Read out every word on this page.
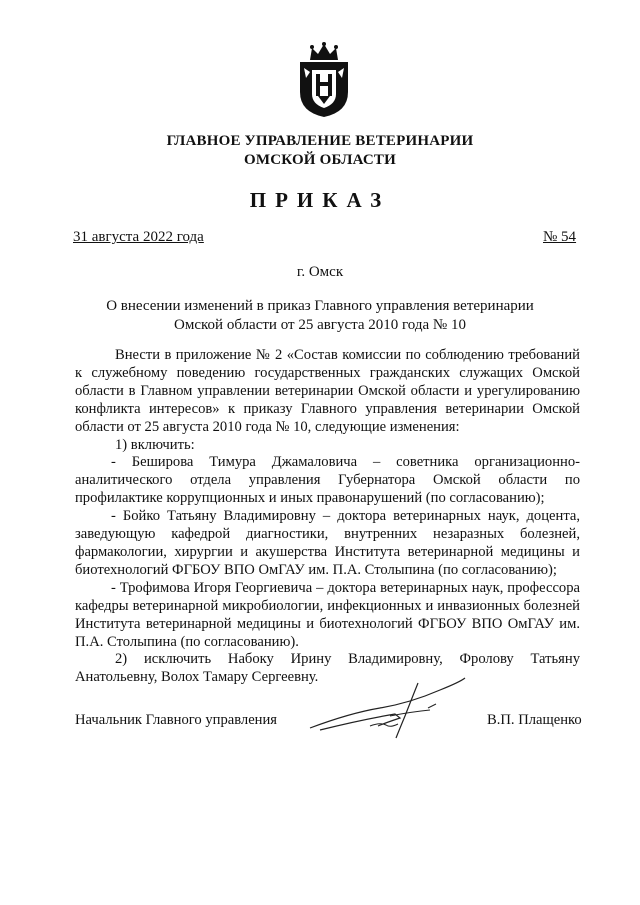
ГЛАВНОЕ УПРАВЛЕНИЕ ВЕТЕРИНАРИИ
ОМСКОЙ ОБЛАСТИ
ПРИКАЗ
31 августа 2022 года	№ 54
г. Омск
О внесении изменений в приказ Главного управления ветеринарии
Омской области от 25 августа 2010 года № 10

Внести в приложение № 2 «Состав комиссии по соблюдению требований к служебному поведению государственных гражданских служащих Омской области в Главном управлении ветеринарии Омской области и урегулированию конфликта интересов» к приказу Главного управления ветеринарии Омской области от 25 августа 2010 года № 10, следующие изменения:

1) включить:

- Беширова Тимура Джамаловича – советника организационно-аналитического отдела управления Губернатора Омской области по профилактике коррупционных и иных правонарушений (по согласованию);

- Бойко Татьяну Владимировну – доктора ветеринарных наук, доцента, заведующую кафедрой диагностики, внутренних незаразных болезней, фармакологии, хирургии и акушерства Института ветеринарной медицины и биотехнологий ФГБОУ ВПО ОмГАУ им. П.А. Столыпина (по согласованию);

- Трофимова Игоря Георгиевича – доктора ветеринарных наук, профессора кафедры ветеринарной микробиологии, инфекционных и инвазионных болезней Института ветеринарной медицины и биотехнологий ФГБОУ ВПО ОмГАУ им. П.А. Столыпина (по согласованию).

2) исключить Набоку Ирину Владимировну, Фролову Татьяну Анатольевну, Волох Тамару Сергеевну.

Начальник Главного управления	В.П. Плащенко
